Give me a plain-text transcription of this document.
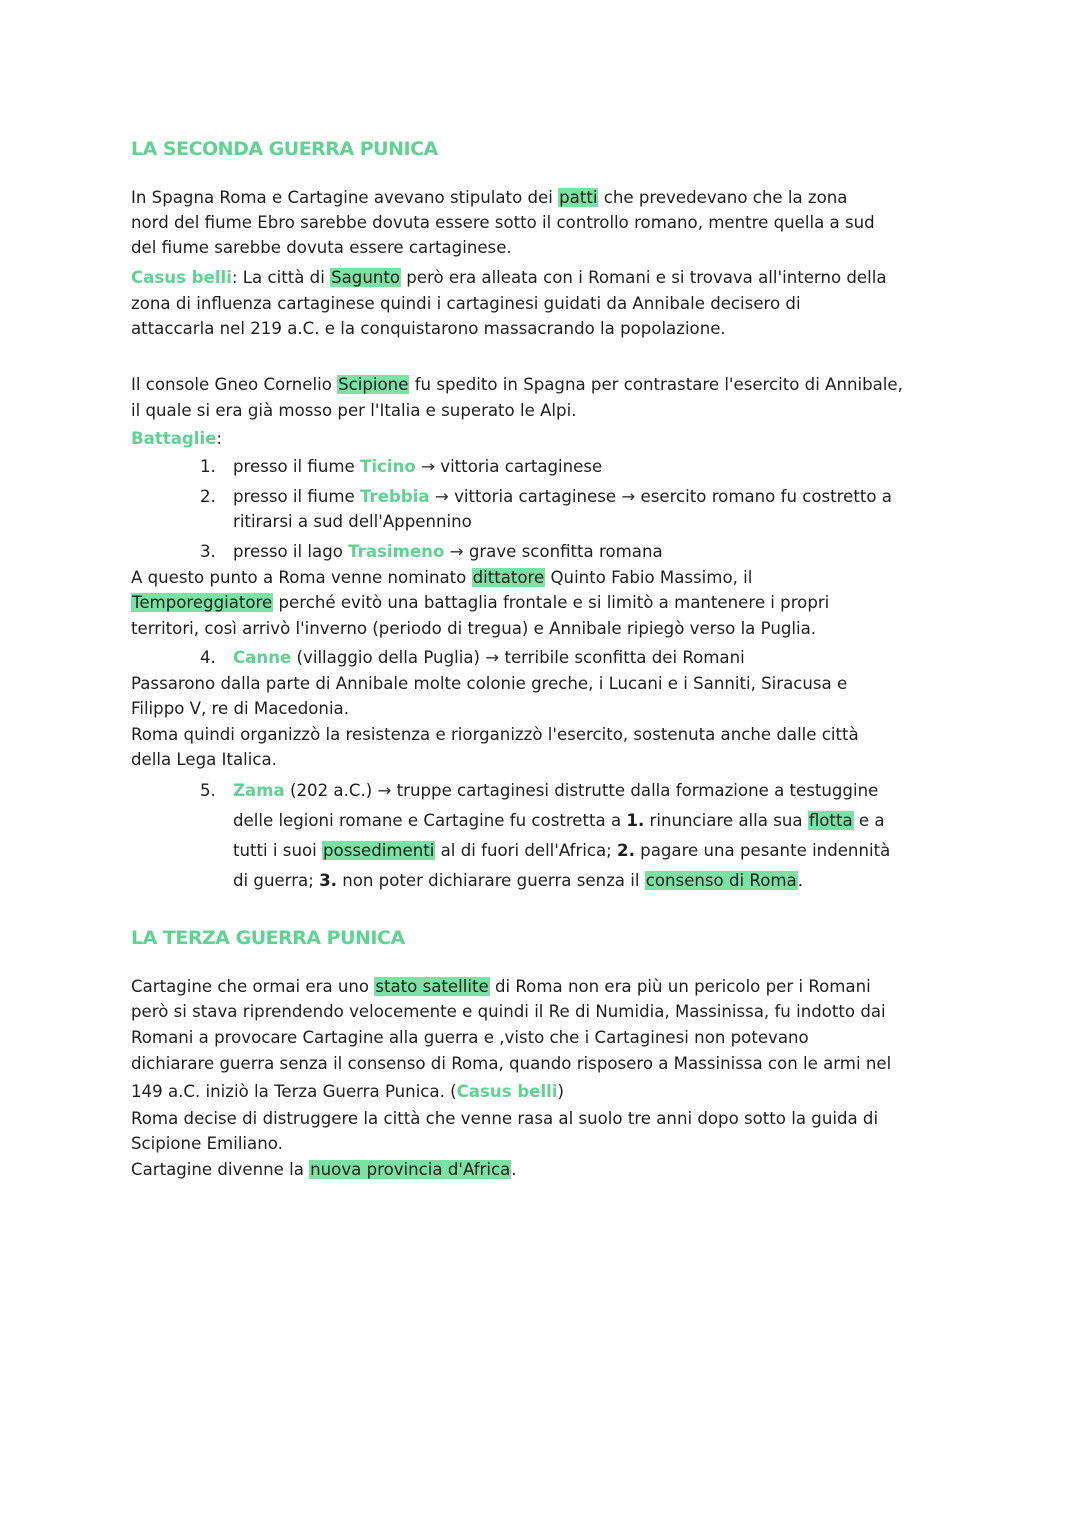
LA SECONDA GUERRA PUNICA
In Spagna Roma e Cartagine avevano stipulato dei patti che prevedevano che la zona
nord del fiume Ebro sarebbe dovuta essere sotto il controllo romano, mentre quella a sud
del fiume sarebbe dovuta essere cartaginese.
Casus belli: La città di Sagunto però era alleata con i Romani e si trovava all'interno della
zona di influenza cartaginese quindi i cartaginesi guidati da Annibale decisero di
attaccarla nel 219 a.C. e la conquistarono massacrando la popolazione.
Il console Gneo Cornelio Scipione fu spedito in Spagna per contrastare l'esercito di Annibale,
il quale si era già mosso per l'Italia e superato le Alpi.
Battaglie:
1. presso il fiume Ticino → vittoria cartaginese
2. presso il fiume Trebbia → vittoria cartaginese → esercito romano fu costretto a
ritirarsi a sud dell'Appennino
3. presso il lago Trasimeno → grave sconfitta romana
A questo punto a Roma venne nominato dittatore Quinto Fabio Massimo, il
Temporeggiatore perché evitò una battaglia frontale e si limitò a mantenere i propri
territori, così arrivò l'inverno (periodo di tregua) e Annibale ripiegò verso la Puglia.
4. Canne (villaggio della Puglia) → terribile sconfitta dei Romani
Passarono dalla parte di Annibale molte colonie greche, i Lucani e i Sanniti, Siracusa e
Filippo V, re di Macedonia.
Roma quindi organizzò la resistenza e riorganizzò l'esercito, sostenuta anche dalle città
della Lega Italica.
5. Zama (202 a.C.) → truppe cartaginesi distrutte dalla formazione a testuggine
delle legioni romane e Cartagine fu costretta a 1. rinunciare alla sua flotta e a
tutti i suoi possedimenti al di fuori dell'Africa; 2. pagare una pesante indennità
di guerra; 3. non poter dichiarare guerra senza il consenso di Roma.
LA TERZA GUERRA PUNICA
Cartagine che ormai era uno stato satellite di Roma non era più un pericolo per i Romani
però si stava riprendendo velocemente e quindi il Re di Numidia, Massinissa, fu indotto dai
Romani a provocare Cartagine alla guerra e ,visto che i Cartaginesi non potevano
dichiarare guerra senza il consenso di Roma, quando risposero a Massinissa con le armi nel
149 a.C. iniziò la Terza Guerra Punica. (Casus belli)
Roma decise di distruggere la città che venne rasa al suolo tre anni dopo sotto la guida di
Scipione Emiliano.
Cartagine divenne la nuova provincia d'Africa.
